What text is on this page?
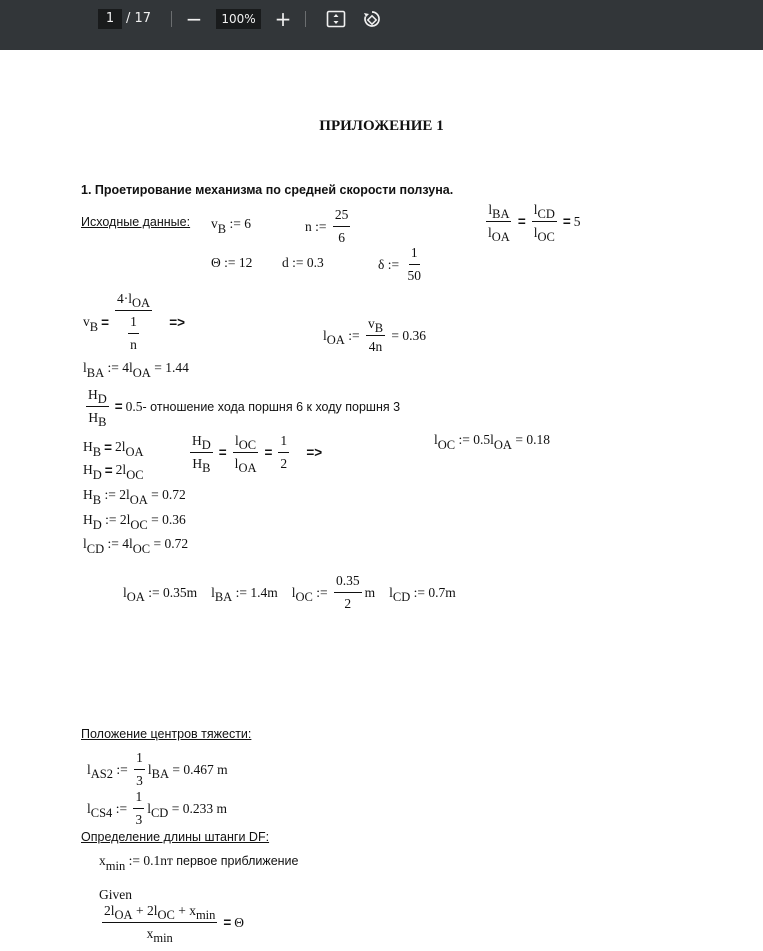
1 / 17 −	100% +
ПРИЛОЖЕНИЕ 1
1. Проетирование механизма по средней скорости ползуна.
Исходные данные:
Положение центров тяжести:
Определение длины штанги DF:
v B := 6	n := $\frac{25}{6}$	$\frac{\text{l BA}}{\text{l OA}} = \frac{\text{l CD}}{\text{l OC}} = 5$
Θ := 12 d := 0.3	δ := $\frac{1}{50}$
v $B = \frac{\text{4·l OA}}{\frac{1}{n}}$ =>
l OA := $\frac{\text{v B}}{4n} = 0.36$
l BA := 4l OA = 1.44
$\frac{\text{H D}}{\text{H B}} = 0.5$ - отношение хода поршня 6 к ходу поршня 3
H B = 2l OA
H D = 2l OC
$\frac{\text{H D}}{\text{H B}} = \frac{\text{l OC}}{\text{l OA}} = \frac{1}{2}$ =>
l OC := 0.5l OA = 0.18
H B := 2l OA = 0.72
H D := 2l OC = 0.36
l CD := 4l OC = 0.72
l OA := 0.35m l BA := 1.4m l OC := $\frac{0.35}{2}$ m l CD := 0.7m
l AS2 := $\frac{1}{3}$ l BA = 0.467 m
l CS4 := $\frac{1}{3}$ l CD = 0.233 m
x min := 0.1nт первое приближение
Given
$\frac{\text{2l OA + 2l OC + x min}}{\text{x min}} = \Theta$
